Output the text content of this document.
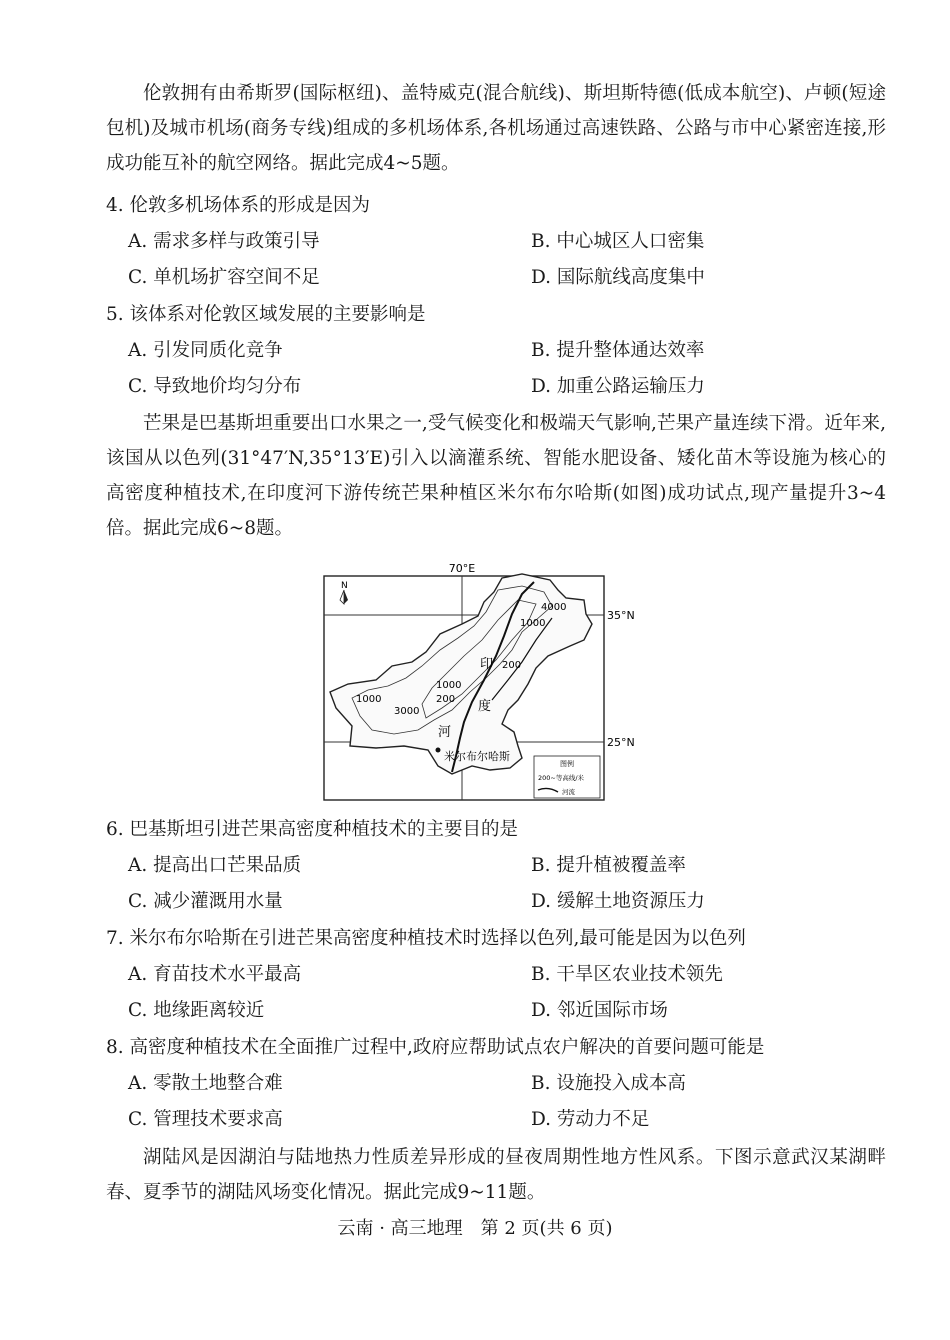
伦敦拥有由希斯罗(国际枢纽)、盖特威克(混合航线)、斯坦斯特德(低成本航空)、卢顿(短途包机)及城市机场(商务专线)组成的多机场体系,各机场通过高速铁路、公路与市中心紧密连接,形成功能互补的航空网络。据此完成4~5题。

4. 伦敦多机场体系的形成是因为

A. 需求多样与政策引导	B. 中心城区人口密集
C. 单机场扩容空间不足	D. 国际航线高度集中

5. 该体系对伦敦区域发展的主要影响是

A. 引发同质化竞争	B. 提升整体通达效率
C. 导致地价均匀分布	D. 加重公路运输压力

芒果是巴基斯坦重要出口水果之一,受气候变化和极端天气影响,芒果产量连续下滑。近年来,该国从以色列(31°47′N,35°13′E)引入以滴灌系统、智能水肥设备、矮化苗木等设施为核心的高密度种植技术,在印度河下游传统芒果种植区米尔布尔哈斯(如图)成功试点,现产量提升3~4倍。据此完成6~8题。

70°E
35°N
25°N
N
4000
1000
200
1000
1000
3000
200
印
度
河
米尔布尔哈斯
图例
200~等高线/米
河流

6. 巴基斯坦引进芒果高密度种植技术的主要目的是

A. 提高出口芒果品质	B. 提升植被覆盖率
C. 减少灌溉用水量	D. 缓解土地资源压力

7. 米尔布尔哈斯在引进芒果高密度种植技术时选择以色列,最可能是因为以色列

A. 育苗技术水平最高	B. 干旱区农业技术领先
C. 地缘距离较近	D. 邻近国际市场

8. 高密度种植技术在全面推广过程中,政府应帮助试点农户解决的首要问题可能是

A. 零散土地整合难	B. 设施投入成本高
C. 管理技术要求高	D. 劳动力不足

湖陆风是因湖泊与陆地热力性质差异形成的昼夜周期性地方性风系。下图示意武汉某湖畔春、夏季节的湖陆风场变化情况。据此完成9~11题。

云南 · 高三地理　第 2 页(共 6 页)
